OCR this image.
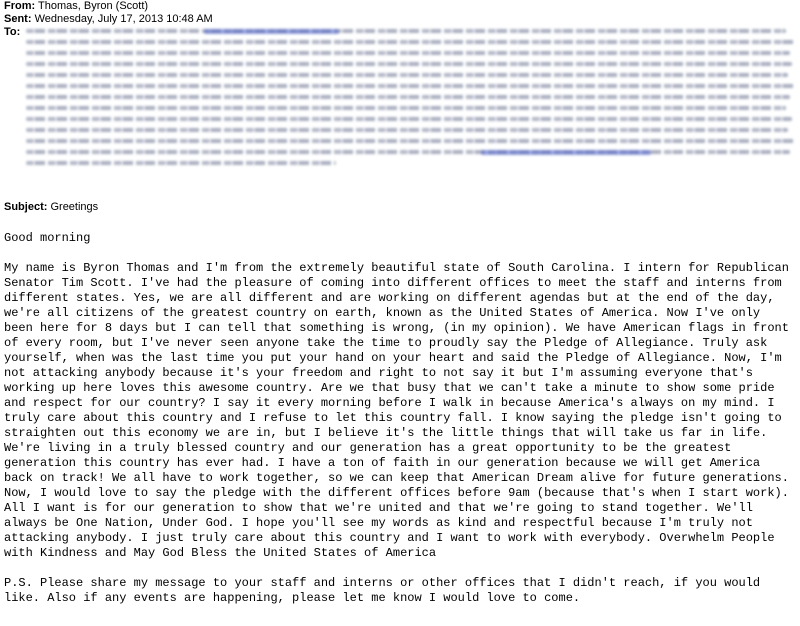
From: Thomas, Byron (Scott)
Sent: Wednesday, July 17, 2013 10:48 AM
To:
Subject: Greetings

Good morning

My name is Byron Thomas and I'm from the extremely beautiful state of South Carolina. I intern for Republican Senator Tim Scott. I've had the pleasure of coming into different offices to meet the staff and interns from different states. Yes, we are all different and are working on different agendas but at the end of the day, we're all citizens of the greatest country on earth, known as the United States of America. Now I've only been here for 8 days but I can tell that something is wrong, (in my opinion). We have American flags in front of every room, but I've never seen anyone take the time to proudly say the Pledge of Allegiance. Truly ask yourself, when was the last time you put your hand on your heart and said the Pledge of Allegiance. Now, I'm not attacking anybody because it's your freedom and right to not say it but I'm assuming everyone that's working up here loves this awesome country. Are we that busy that we can't take a minute to show some pride and respect for our country? I say it every morning before I walk in because America's always on my mind. I truly care about this country and I refuse to let this country fall. I know saying the pledge isn't going to straighten out this economy we are in, but I believe it's the little things that will take us far in life. We're living in a truly blessed country and our generation has a great opportunity to be the greatest generation this country has ever had. I have a ton of faith in our generation because we will get America back on track! We all have to work together, so we can keep that American Dream alive for future generations. Now, I would love to say the pledge with the different offices before 9am (because that's when I start work). All I want is for our generation to show that we're united and that we're going to stand together. We'll always be One Nation, Under God. I hope you'll see my words as kind and respectful because I'm truly not attacking anybody. I just truly care about this country and I want to work with everybody. Overwhelm People with Kindness and May God Bless the United States of America

P.S. Please share my message to your staff and interns or other offices that I didn't reach, if you would like. Also if any events are happening, please let me know I would love to come.
